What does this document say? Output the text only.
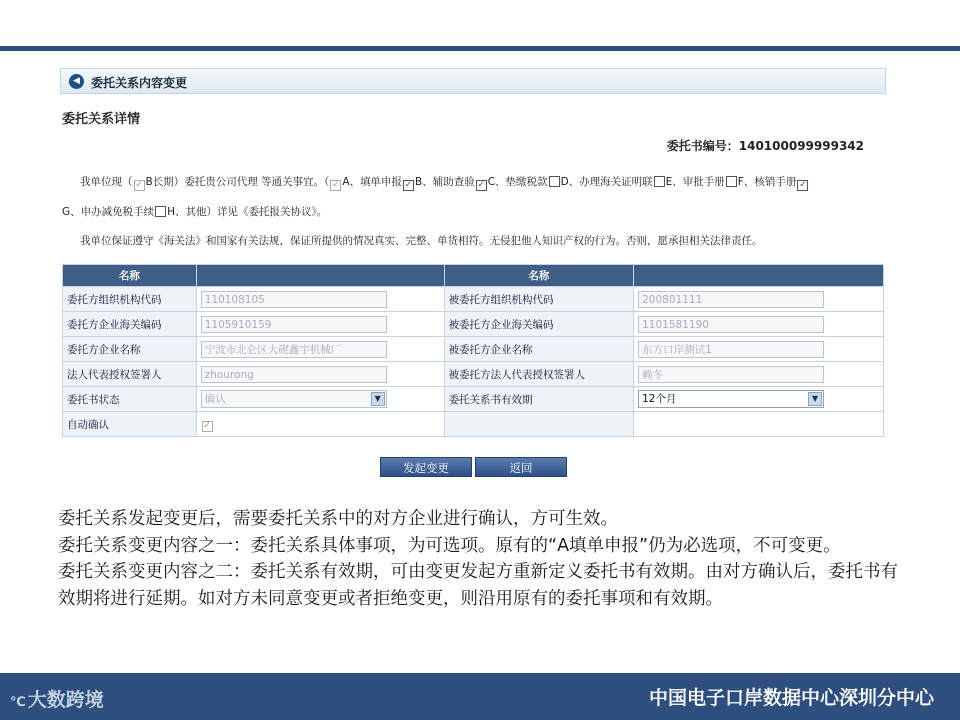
◀ 委托关系内容变更
委托关系详情
委托书编号：140100099999342
我单位现（ ✓ B长期）委托贵公司代理 等通关事宜。（ ✓ A、填单申报 ✓ B、辅助查验 ✓ C、垫缴税款 D、办理海关证明联 E、审批手册 F、核销手册 ✓
G、申办减免税手续 H、其他）详见《委托报关协议》。
我单位保证遵守《海关法》和国家有关法规，保证所提供的情况真实、完整、单货相符。无侵犯他人知识产权的行为。否则，愿承担相关法律责任。
名称		名称	
委托方组织机构代码	110108105	被委托方组织机构代码	200801111

委托方企业海关编码	1105910159	被委托方企业海关编码	1101581190

委托方企业名称	宁波市北仑区大碶鑫宇机械厂	被委托方企业名称	东方口岸测试1

法人代表授权签署人	zhourong	被委托方法人代表授权签署人	赖冬

委托书状态	确认 ▼	委托关系书有效期	12个月 ▼

自动确认	✓		
发起变更	返回

委托关系发起变更后，需要委托关系中的对方企业进行确认，方可生效。

委托关系变更内容之一：委托关系具体事项，为可选项。原有的“A填单申报”仍为必选项，不可变更。

委托关系变更内容之二：委托关系有效期，可由变更发起方重新定义委托书有效期。由对方确认后，委托书有效期将进行延期。如对方未同意变更或者拒绝变更，则沿用原有的委托事项和有效期。

℃ 大数跨境	中国电子口岸数据中心深圳分中心
